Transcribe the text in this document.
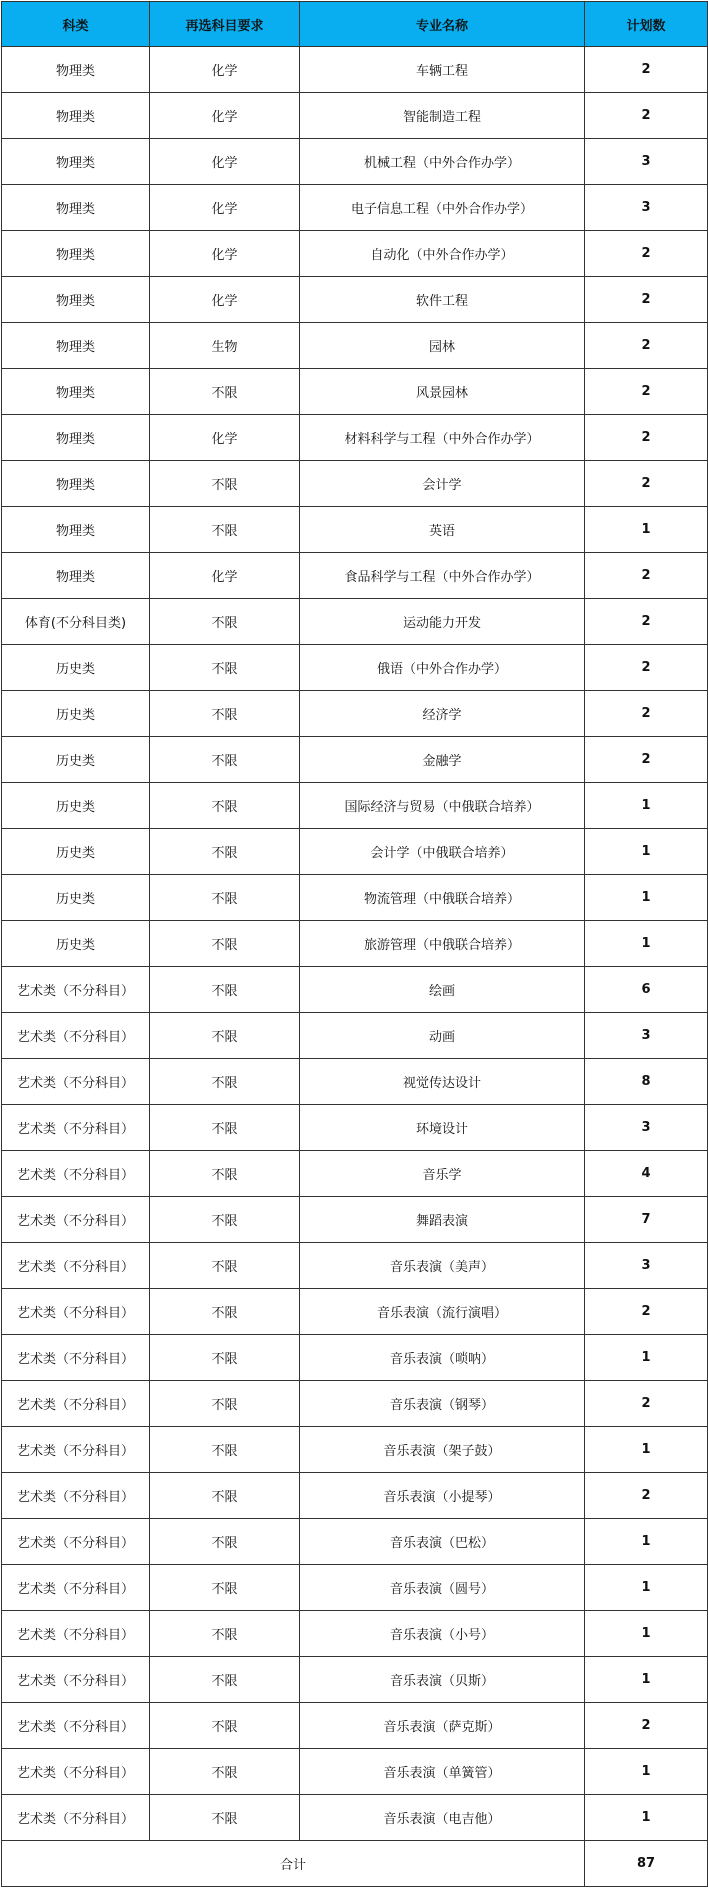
科类	再选科目要求	专业名称	计划数
物理类	化学	车辆工程	2
物理类	化学	智能制造工程	2
物理类	化学	机械工程（中外合作办学）	3
物理类	化学	电子信息工程（中外合作办学）	3
物理类	化学	自动化（中外合作办学）	2
物理类	化学	软件工程	2
物理类	生物	园林	2
物理类	不限	风景园林	2
物理类	化学	材料科学与工程（中外合作办学）	2
物理类	不限	会计学	2
物理类	不限	英语	1
物理类	化学	食品科学与工程（中外合作办学）	2
体育(不分科目类)	不限	运动能力开发	2
历史类	不限	俄语（中外合作办学）	2
历史类	不限	经济学	2
历史类	不限	金融学	2
历史类	不限	国际经济与贸易（中俄联合培养）	1
历史类	不限	会计学（中俄联合培养）	1
历史类	不限	物流管理（中俄联合培养）	1
历史类	不限	旅游管理（中俄联合培养）	1
艺术类（不分科目）	不限	绘画	6
艺术类（不分科目）	不限	动画	3
艺术类（不分科目）	不限	视觉传达设计	8
艺术类（不分科目）	不限	环境设计	3
艺术类（不分科目）	不限	音乐学	4
艺术类（不分科目）	不限	舞蹈表演	7
艺术类（不分科目）	不限	音乐表演（美声）	3
艺术类（不分科目）	不限	音乐表演（流行演唱）	2
艺术类（不分科目）	不限	音乐表演（唢呐）	1
艺术类（不分科目）	不限	音乐表演（钢琴）	2
艺术类（不分科目）	不限	音乐表演（架子鼓）	1
艺术类（不分科目）	不限	音乐表演（小提琴）	2
艺术类（不分科目）	不限	音乐表演（巴松）	1
艺术类（不分科目）	不限	音乐表演（圆号）	1
艺术类（不分科目）	不限	音乐表演（小号）	1
艺术类（不分科目）	不限	音乐表演（贝斯）	1
艺术类（不分科目）	不限	音乐表演（萨克斯）	2
艺术类（不分科目）	不限	音乐表演（单簧管）	1
艺术类（不分科目）	不限	音乐表演（电吉他）	1
合计			87
